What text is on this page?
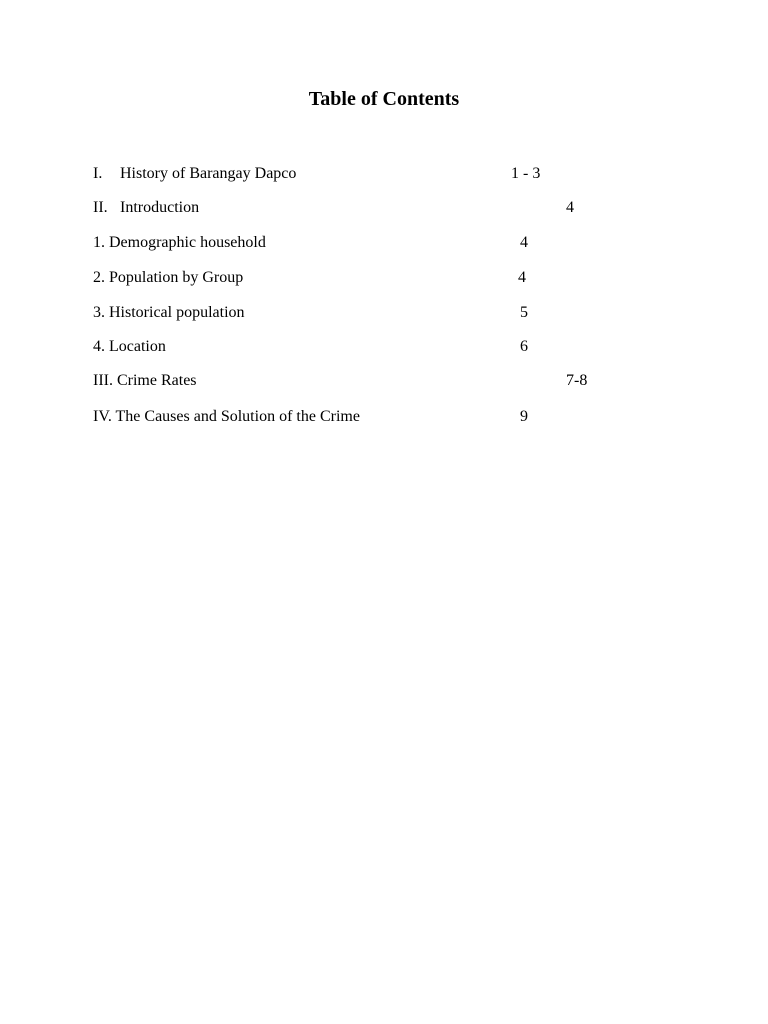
Table of Contents
I. History of Barangay Dapco	1 - 3
II. Introduction	4
1. Demographic household	4
2. Population by Group	4
3. Historical population	5
4. Location	6
III. Crime Rates	7-8
IV. The Causes and Solution of the Crime	9
